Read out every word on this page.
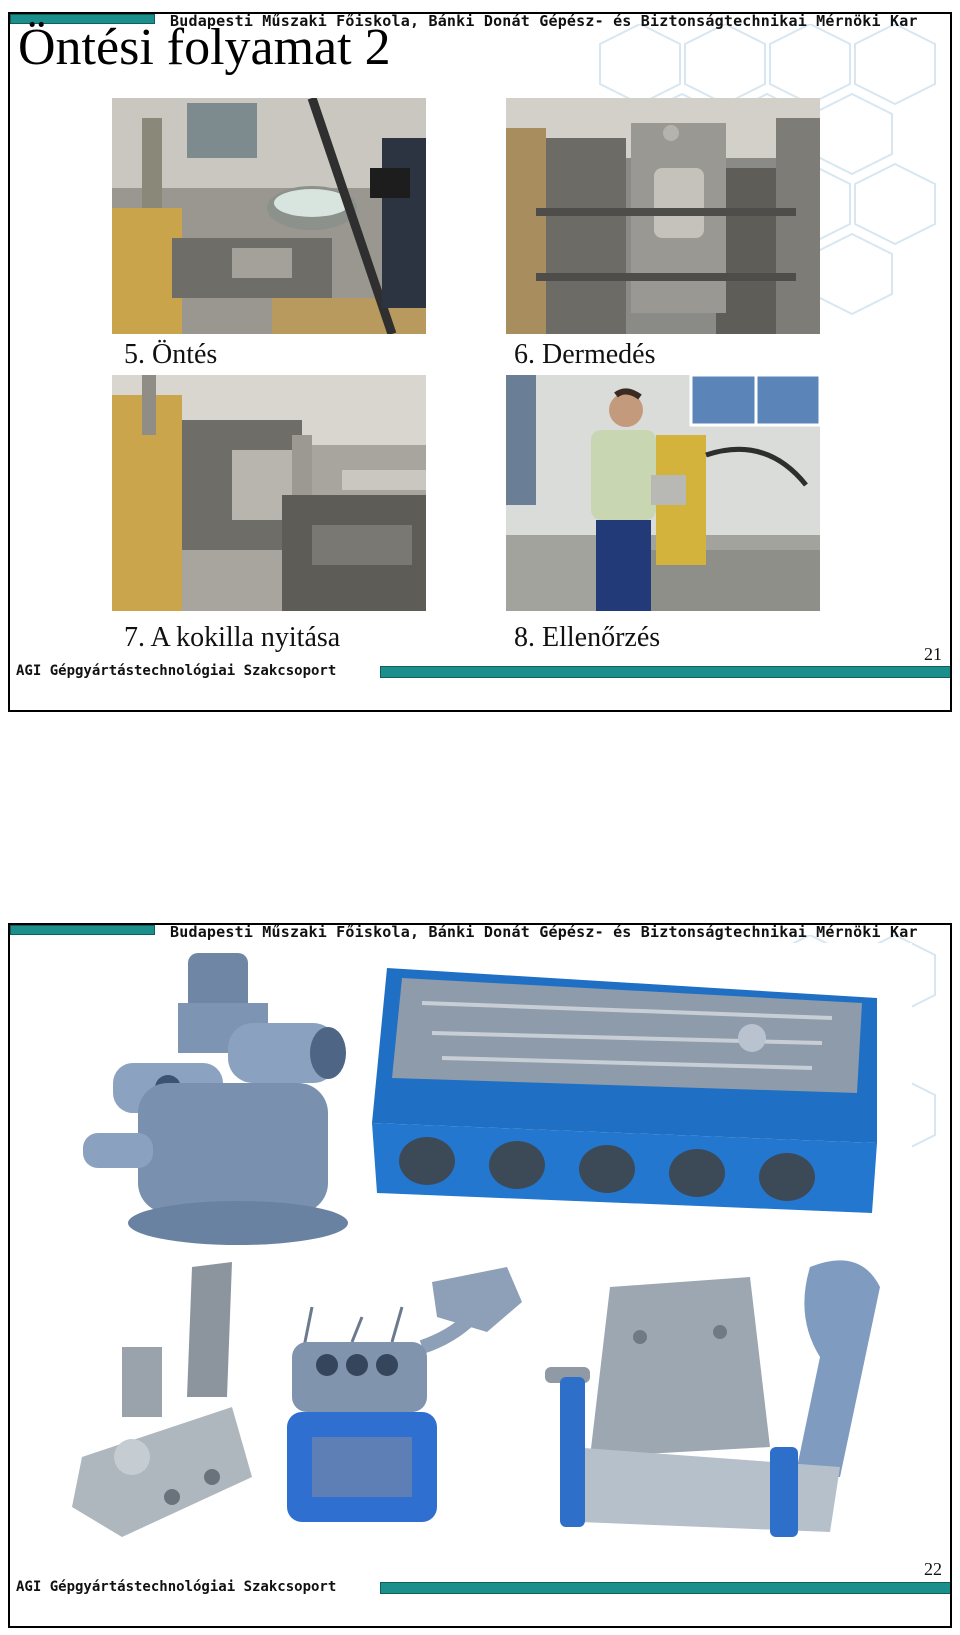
Budapesti Műszaki Főiskola, Bánki Donát Gépész- és Biztonságtechnikai Mérnöki Kar
Öntési folyamat 2
5. Öntés	6. Dermedés
7. A kokilla nyitása	8. Ellenőrzés
AGI Gépgyártástechnológiai Szakcsoport
21
Budapesti Műszaki Főiskola, Bánki Donát Gépész- és Biztonságtechnikai Mérnöki Kar
AGI Gépgyártástechnológiai Szakcsoport
22
